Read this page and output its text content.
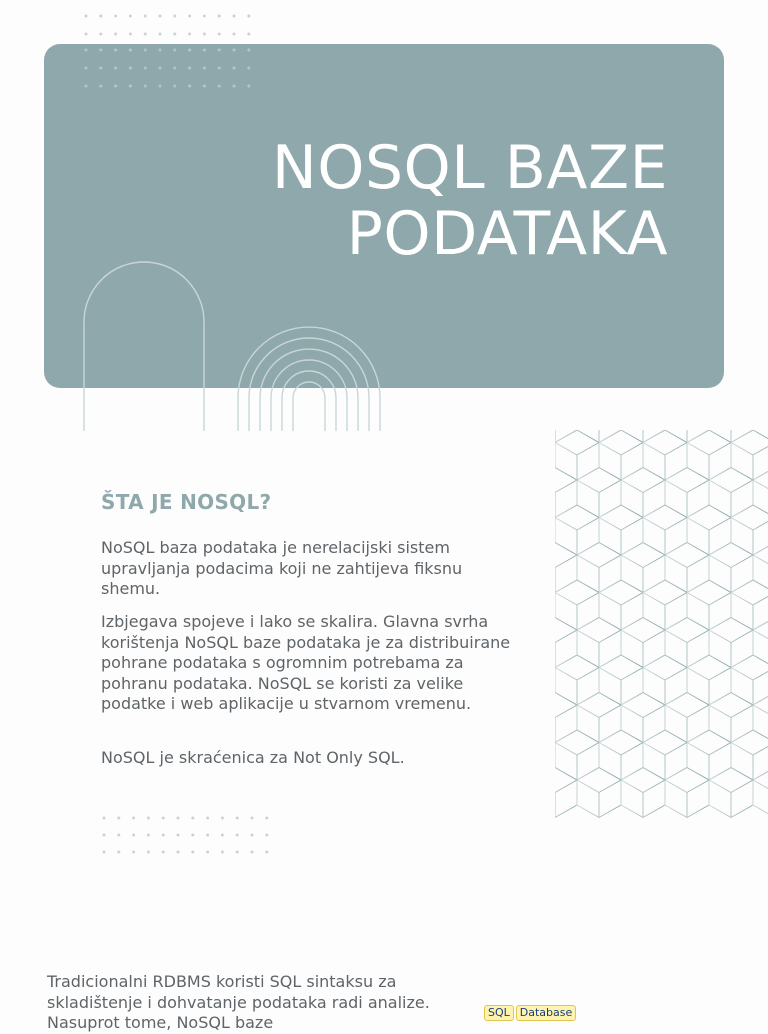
NOSQL BAZE
PODATAKA
ŠTA JE NOSQL?

NoSQL baza podataka je nerelacijski sistem upravljanja podacima koji ne zahtijeva fiksnu shemu.

Izbjegava spojeve i lako se skalira. Glavna svrha korištenja NoSQL baze podataka je za distribuirane pohrane podataka s ogromnim potrebama za pohranu podataka. NoSQL se koristi za velike podatke i web aplikacije u stvarnom vremenu.

NoSQL je skraćenica za Not Only SQL.

Tradicionalni RDBMS koristi SQL sintaksu za skladištenje i dohvatanje podataka radi analize. Nasuprot tome, NoSQL baze

SQL Database
